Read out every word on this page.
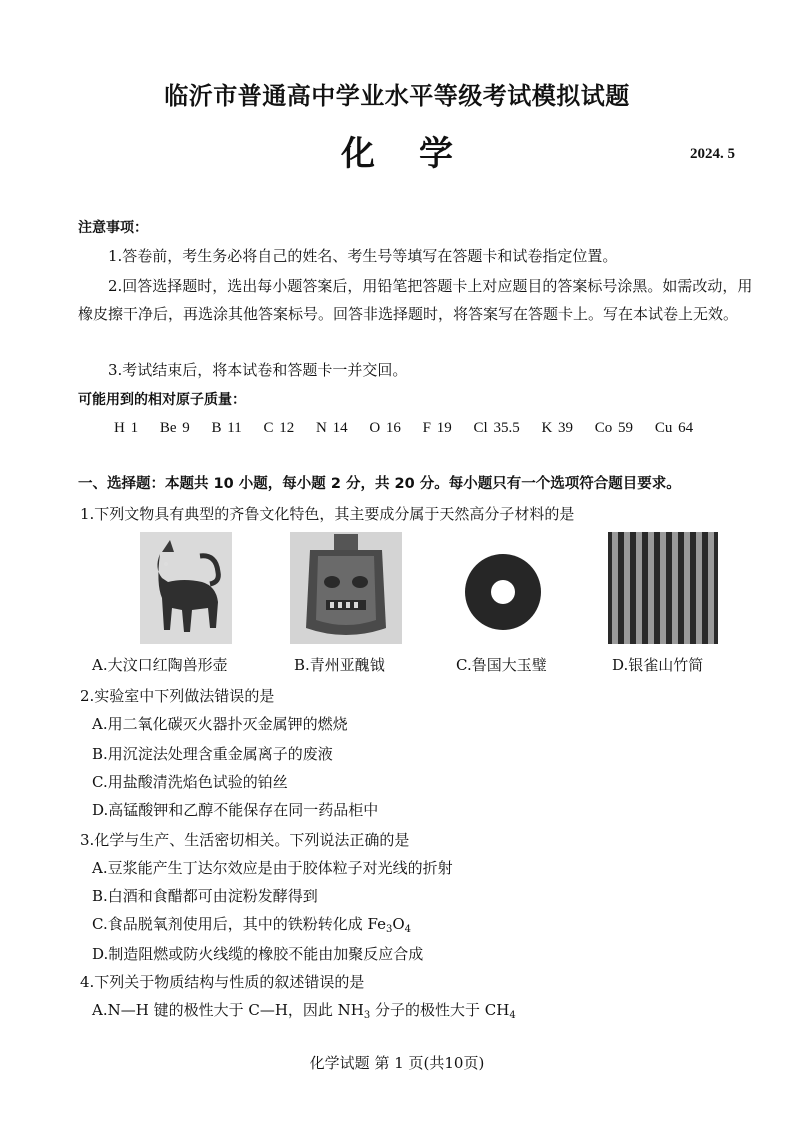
临沂市普通高中学业水平等级考试模拟试题
化学	2024. 5
注意事项：
1.答卷前，考生务必将自己的姓名、考生号等填写在答题卡和试卷指定位置。
2.回答选择题时，选出每小题答案后，用铅笔把答题卡上对应题目的答案标号涂黑。如需改动，用橡皮擦干净后，再选涂其他答案标号。回答非选择题时，将答案写在答题卡上。写在本试卷上无效。
3.考试结束后，将本试卷和答题卡一并交回。
可能用到的相对原子质量：
H 1 Be 9 B 11 C 12 N 14 O 16 F 19 Cl 35.5 K 39 Co 59 Cu 64
一、选择题：本题共 10 小题，每小题 2 分，共 20 分。每小题只有一个选项符合题目要求。
1.下列文物具有典型的齐鲁文化特色，其主要成分属于天然高分子材料的是
A.大汶口红陶兽形壶	B.青州亚醜钺	C.鲁国大玉璧	D.银雀山竹简
2.实验室中下列做法错误的是
A.用二氧化碳灭火器扑灭金属钾的燃烧
B.用沉淀法处理含重金属离子的废液
C.用盐酸清洗焰色试验的铂丝
D.高锰酸钾和乙醇不能保存在同一药品柜中
3.化学与生产、生活密切相关。下列说法正确的是
A.豆浆能产生丁达尔效应是由于胶体粒子对光线的折射
B.白酒和食醋都可由淀粉发酵得到
C.食品脱氧剂使用后，其中的铁粉转化成 $Fe_3O_4$
D.制造阻燃或防火线缆的橡胶不能由加聚反应合成
4.下列关于物质结构与性质的叙述错误的是
A.N—H 键的极性大于 C—H，因此 $NH_3$ 分子的极性大于 $CH_4$
化学试题 第 1 页(共10页)
